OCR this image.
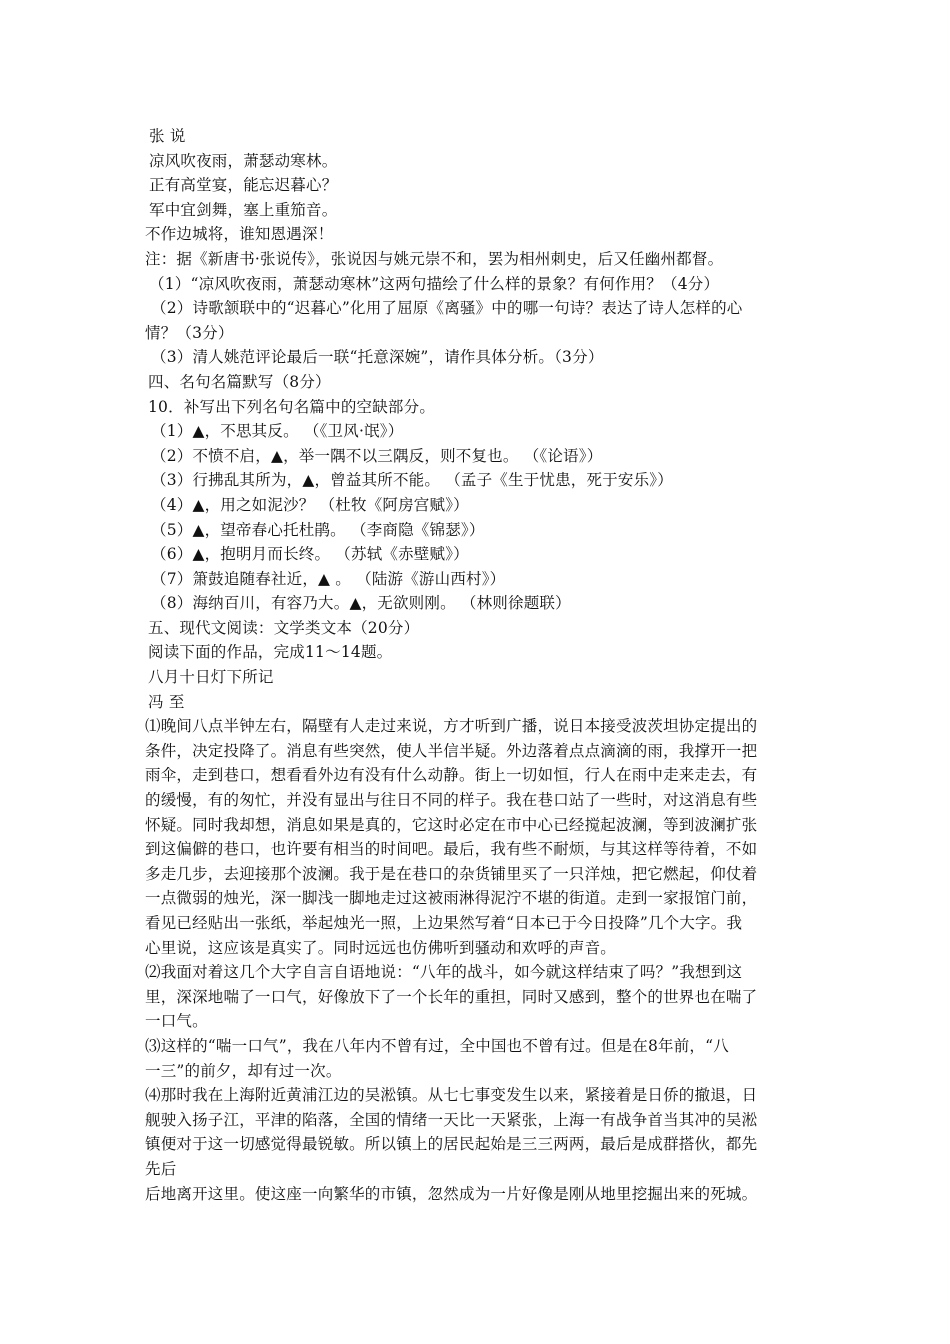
张 说
凉风吹夜雨，萧瑟动寒林。
正有高堂宴，能忘迟暮心？
军中宜剑舞，塞上重笳音。
不作边城将，谁知恩遇深！
注：据《新唐书·张说传》，张说因与姚元崇不和，罢为相州刺史，后又任幽州都督。
（1）“凉风吹夜雨，萧瑟动寒林”这两句描绘了什么样的景象？有何作用？（4分）
（2）诗歌颔联中的“迟暮心”化用了屈原《离骚》中的哪一句诗？表达了诗人怎样的心
情？（3分）
（3）清人姚范评论最后一联“托意深婉”，请作具体分析。（3分）
四、名句名篇默写（8分）
10．补写出下列名句名篇中的空缺部分。
（1）▲，不思其反。 （《卫风·氓》）
（2）不愤不启，▲，举一隅不以三隅反，则不复也。 （《论语》）
（3）行拂乱其所为，▲，曾益其所不能。 （孟子《生于忧患，死于安乐》）
（4）▲，用之如泥沙？ （杜牧《阿房宫赋》）
（5）▲，望帝春心托杜鹃。 （李商隐《锦瑟》）
（6）▲，抱明月而长终。 （苏轼《赤壁赋》）
（7）箫鼓追随春社近，▲ 。 （陆游《游山西村》）
（8）海纳百川，有容乃大。▲，无欲则刚。 （林则徐题联）
五、现代文阅读：文学类文本（20分）
阅读下面的作品，完成11～14题。
八月十日灯下所记
冯 至
⑴晚间八点半钟左右，隔壁有人走过来说，方才听到广播，说日本接受波茨坦协定提出的
条件，决定投降了。消息有些突然，使人半信半疑。外边落着点点滴滴的雨，我撑开一把
雨伞，走到巷口，想看看外边有没有什么动静。街上一切如恒，行人在雨中走来走去，有
的缓慢，有的匆忙，并没有显出与往日不同的样子。我在巷口站了一些时，对这消息有些
怀疑。同时我却想，消息如果是真的，它这时必定在市中心已经搅起波澜，等到波澜扩张
到这偏僻的巷口，也许要有相当的时间吧。最后，我有些不耐烦，与其这样等待着，不如
多走几步，去迎接那个波澜。我于是在巷口的杂货铺里买了一只洋烛，把它燃起，仰仗着
一点微弱的烛光，深一脚浅一脚地走过这被雨淋得泥泞不堪的街道。走到一家报馆门前，
看见已经贴出一张纸，举起烛光一照，上边果然写着“日本已于今日投降”几个大字。我
心里说，这应该是真实了。同时远远也仿佛听到骚动和欢呼的声音。
⑵我面对着这几个大字自言自语地说：“八年的战斗，如今就这样结束了吗？”我想到这
里，深深地喘了一口气，好像放下了一个长年的重担，同时又感到，整个的世界也在喘了
一口气。
⑶这样的“喘一口气”，我在八年内不曾有过，全中国也不曾有过。但是在8年前，“八
一三”的前夕，却有过一次。
⑷那时我在上海附近黄浦江边的吴淞镇。从七七事变发生以来，紧接着是日侨的撤退，日
舰驶入扬子江，平津的陷落，全国的情绪一天比一天紧张，上海一有战争首当其冲的吴淞
镇便对于这一切感觉得最锐敏。所以镇上的居民起始是三三两两，最后是成群搭伙，都先
先后
后地离开这里。使这座一向繁华的市镇，忽然成为一片好像是刚从地里挖掘出来的死城。
